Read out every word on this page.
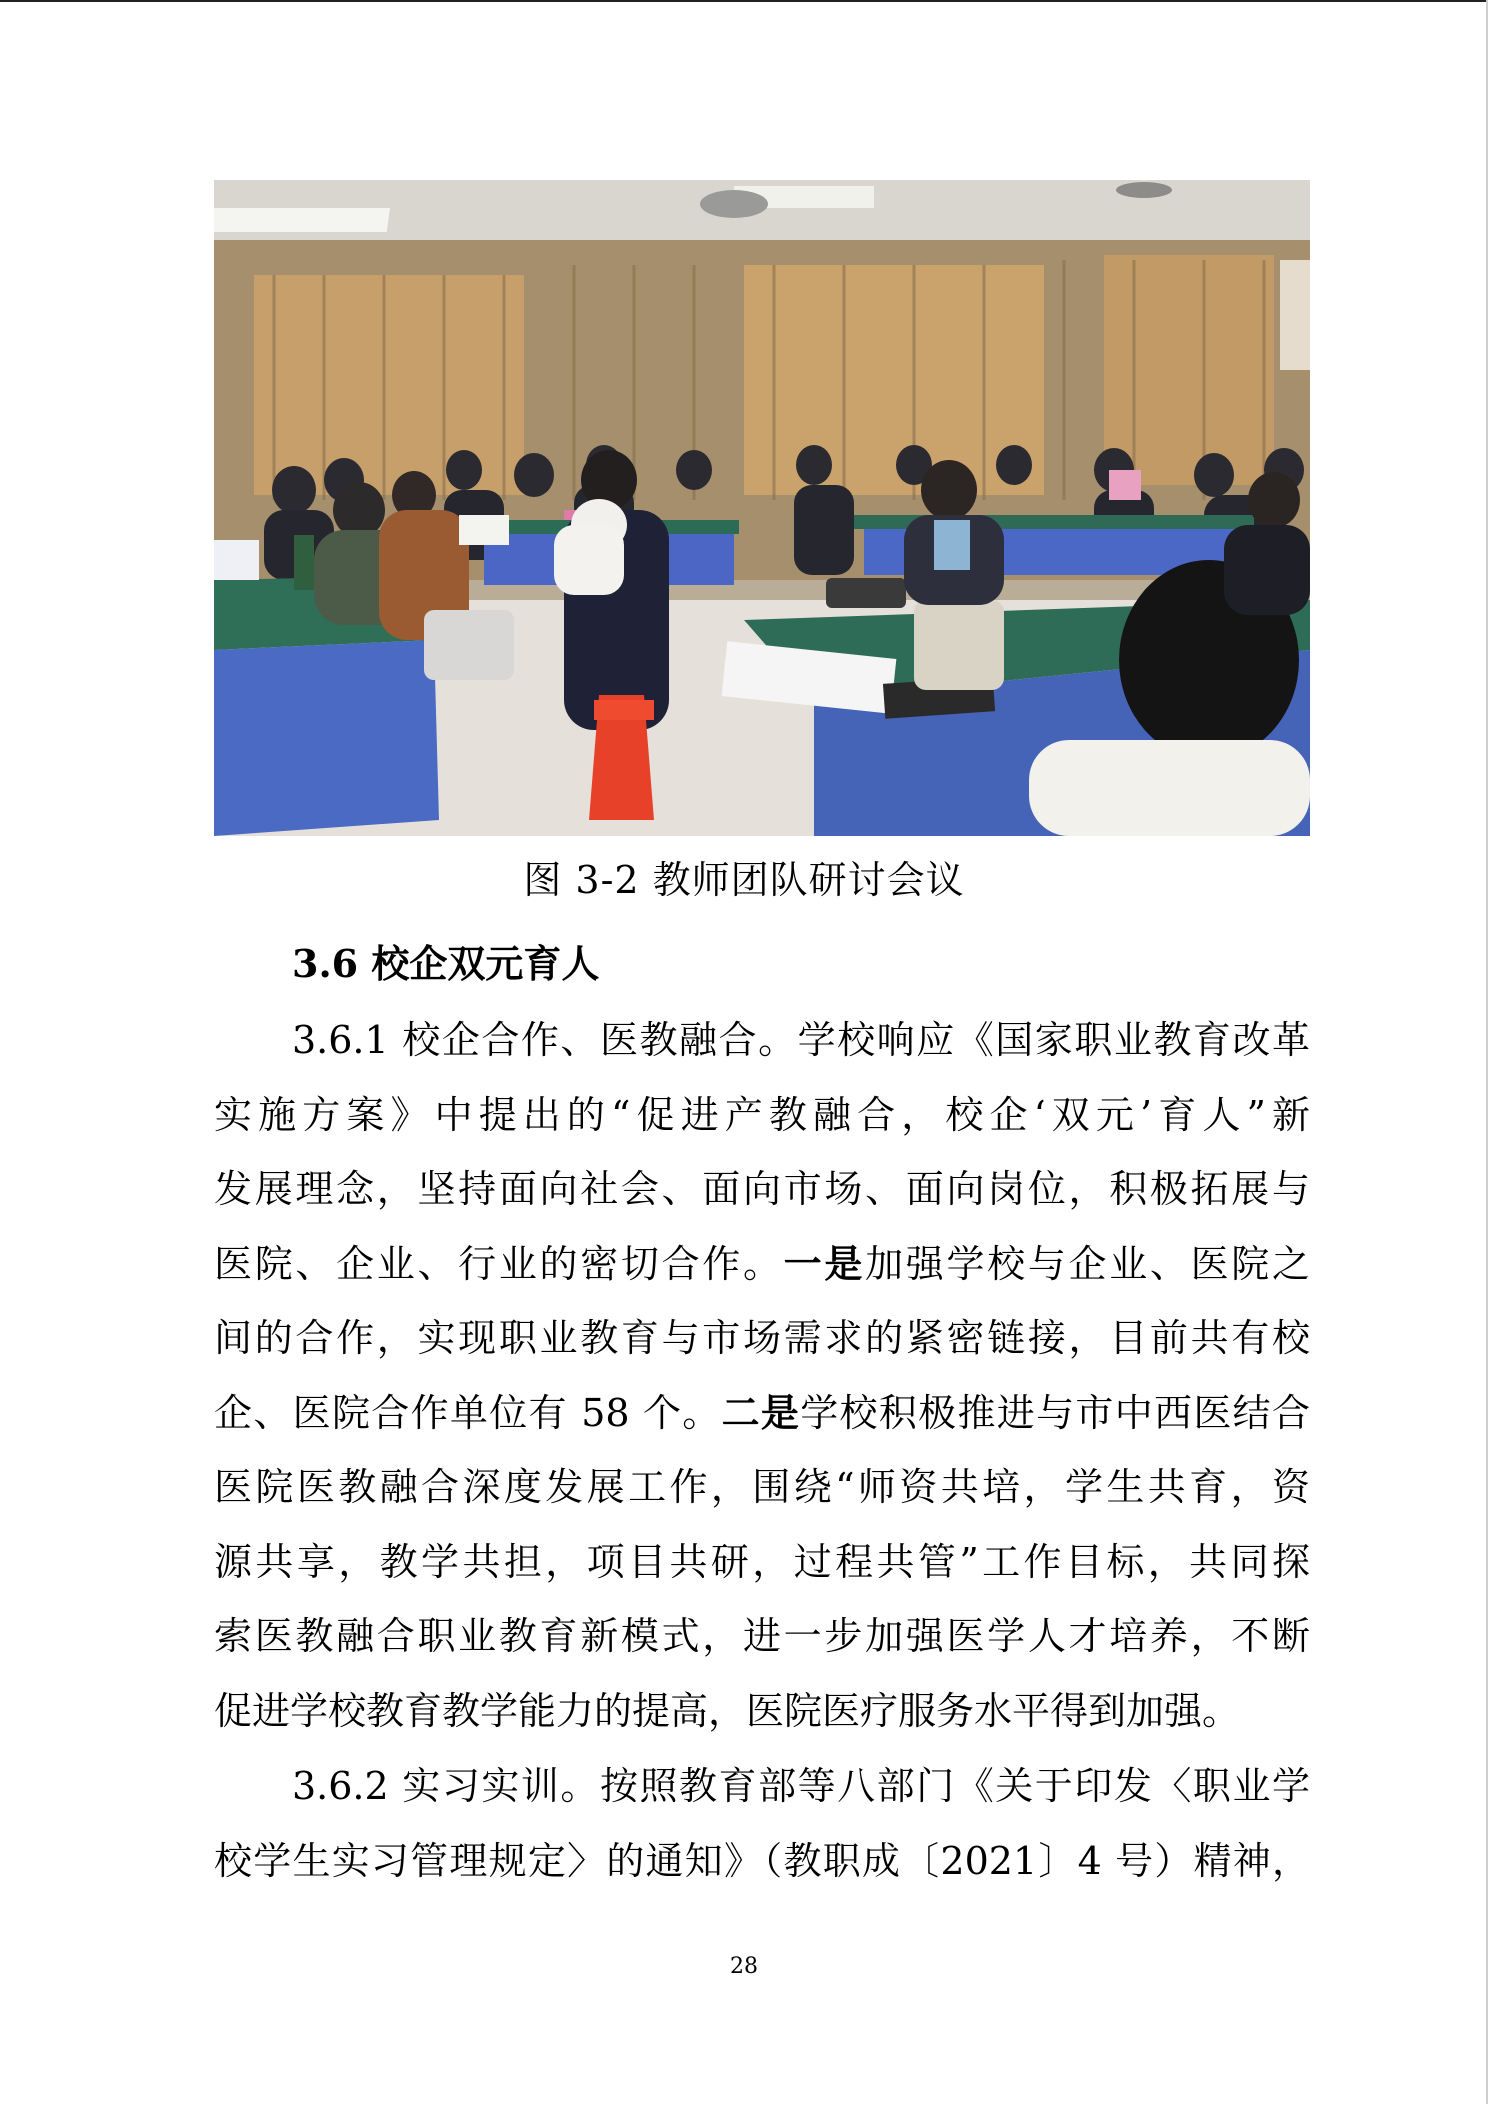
图 3-2 教师团队研讨会议
3.6 校企双元育人
3.6.1 校企合作、医教融合。学校响应《国家职业教育改革
实施方案》中提出的“促进产教融合，校企‘双元’育人”新
发展理念，坚持面向社会、面向市场、面向岗位，积极拓展与
医院、企业、行业的密切合作。一是加强学校与企业、医院之
间的合作，实现职业教育与市场需求的紧密链接，目前共有校
企、医院合作单位有 58 个。二是学校积极推进与市中西医结合
医院医教融合深度发展工作，围绕“师资共培，学生共育，资
源共享，教学共担，项目共研，过程共管”工作目标，共同探
索医教融合职业教育新模式，进一步加强医学人才培养，不断
促进学校教育教学能力的提高，医院医疗服务水平得到加强。
3.6.2 实习实训。按照教育部等八部门《关于印发〈职业学
校学生实习管理规定〉的通知》（教职成〔2021〕4 号）精神，
28
